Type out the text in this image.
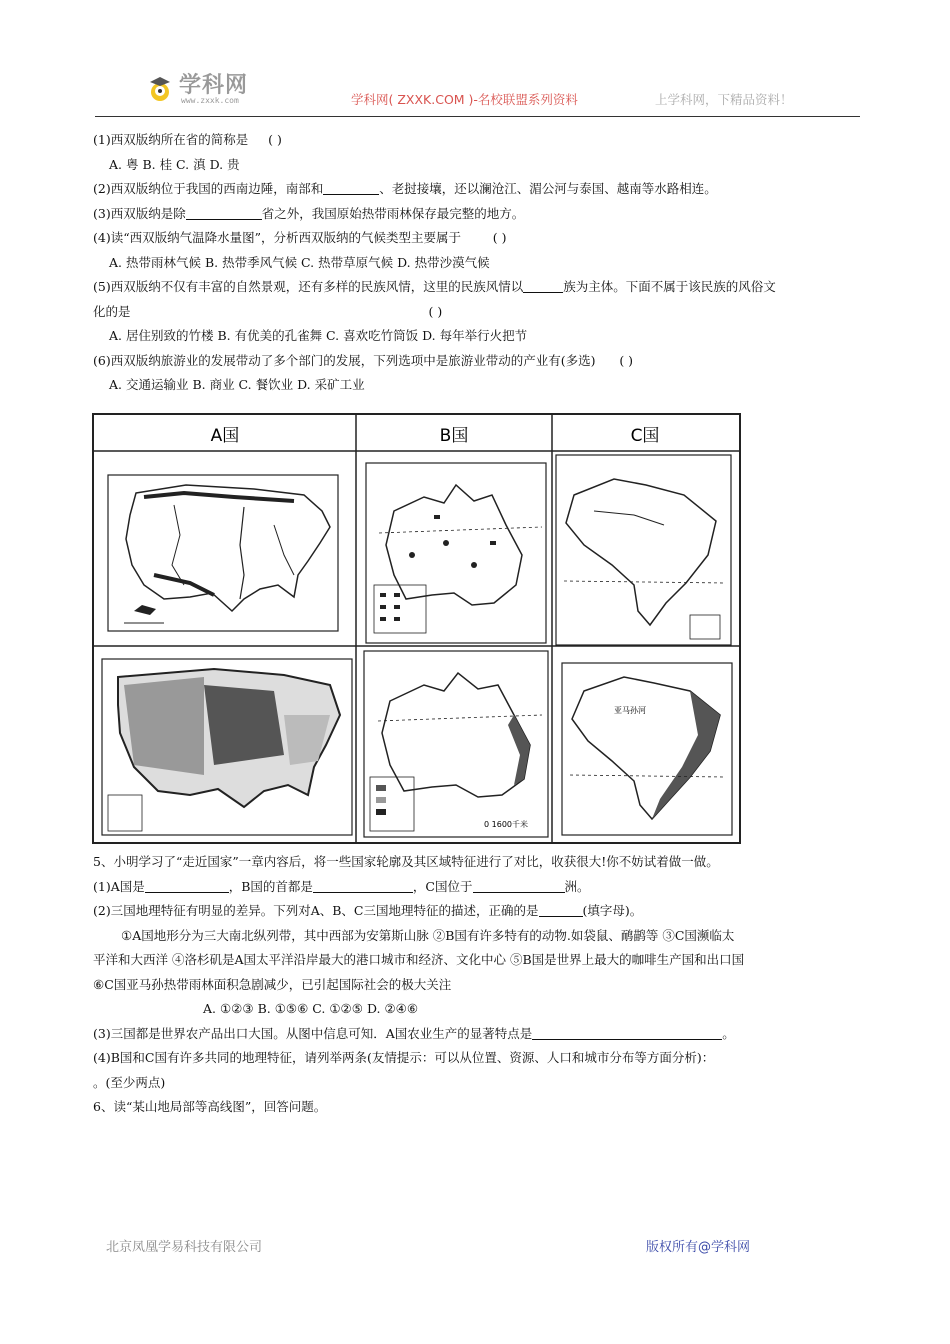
学科网
www.zxxk.com	学科网( ZXXK.COM )-名校联盟系列资料	上学科网，下精品资料！
(1)西双版纳所在省的简称是 ( )
A. 粤 B. 桂 C. 滇 D. 贵
(2)西双版纳位于我国的西南边陲，南部和	、老挝接壤，还以澜沧江、湄公河与泰国、越南等水路相连。
(3)西双版纳是除	省之外，我国原始热带雨林保存最完整的地方。
(4)读“西双版纳气温降水量图”，分析西双版纳的气候类型主要属于	( )
A. 热带雨林气候 B. 热带季风气候 C. 热带草原气候 D. 热带沙漠气候
(5)西双版纳不仅有丰富的自然景观，还有多样的民族风情，这里的民族风情以	族为主体。下面不属于该民族的风俗文
化的是	( )
A. 居住别致的竹楼 B. 有优美的孔雀舞 C. 喜欢吃竹筒饭 D. 每年举行火把节
(6)西双版纳旅游业的发展带动了多个部门的发展，下列选项中是旅游业带动的产业有(多选) ( )
A. 交通运输业 B. 商业 C. 餐饮业 D. 采矿工业
A国	B国	C国
0 1600千米
亚马孙河
5、小明学习了“走近国家”一章内容后，将一些国家轮廓及其区域特征进行了对比，收获很大!你不妨试着做一做。
(1)A国是	，B国的首都是	，C国位于	洲。
(2)三国地理特征有明显的差异。下列对A、B、C三国地理特征的描述，正确的是	(填字母)。
①A国地形分为三大南北纵列带，其中西部为安第斯山脉 ②B国有许多特有的动物.如袋鼠、鸸鹋等 ③C国濒临太
平洋和大西洋 ④洛杉矶是A国太平洋沿岸最大的港口城市和经济、文化中心 ⑤B国是世界上最大的咖啡生产国和出口国
⑥C国亚马孙热带雨林面积急剧减少，已引起国际社会的极大关注
A. ①②③ B. ①⑤⑥ C. ①②⑤ D. ②④⑥
(3)三国都是世界农产品出口大国。从图中信息可知．A国农业生产的显著特点是	。
(4)B国和C国有许多共同的地理特征，请列举两条(友情提示：可以从位置、资源、人口和城市分布等方面分析)：
。(至少两点)
6、读“某山地局部等高线图”，回答问题。
北京凤凰学易科技有限公司	版权所有@学科网
